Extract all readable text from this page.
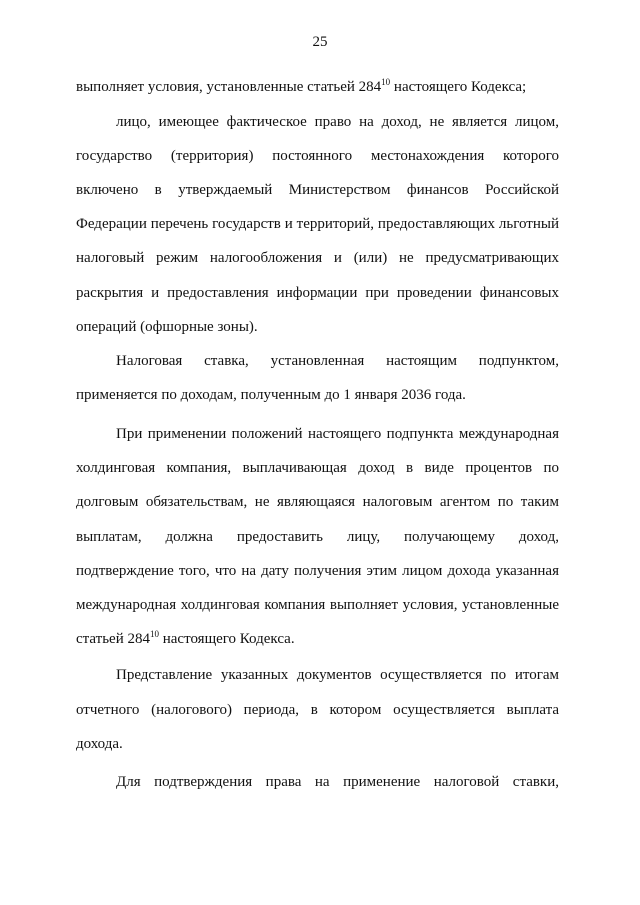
25
выполняет условия, установленные статьей $284^{10}$ настоящего Кодекса;
лицо, имеющее фактическое право на доход, не является лицом,
государство (территория) постоянного местонахождения которого
включено в утверждаемый Министерством финансов Российской
Федерации перечень государств и территорий, предоставляющих льготный
налоговый режим налогообложения и (или) не предусматривающих
раскрытия и предоставления информации при проведении финансовых
операций (офшорные зоны).
Налоговая ставка, установленная настоящим подпунктом,
применяется по доходам, полученным до 1 января 2036 года.
При применении положений настоящего подпункта международная
холдинговая компания, выплачивающая доход в виде процентов по
долговым обязательствам, не являющаяся налоговым агентом по таким
выплатам, должна предоставить лицу, получающему доход,
подтверждение того, что на дату получения этим лицом дохода указанная
международная холдинговая компания выполняет условия, установленные
статьей $284^{10}$ настоящего Кодекса.
Представление указанных документов осуществляется по итогам
отчетного (налогового) периода, в котором осуществляется выплата
дохода.
Для подтверждения права на применение налоговой ставки,
